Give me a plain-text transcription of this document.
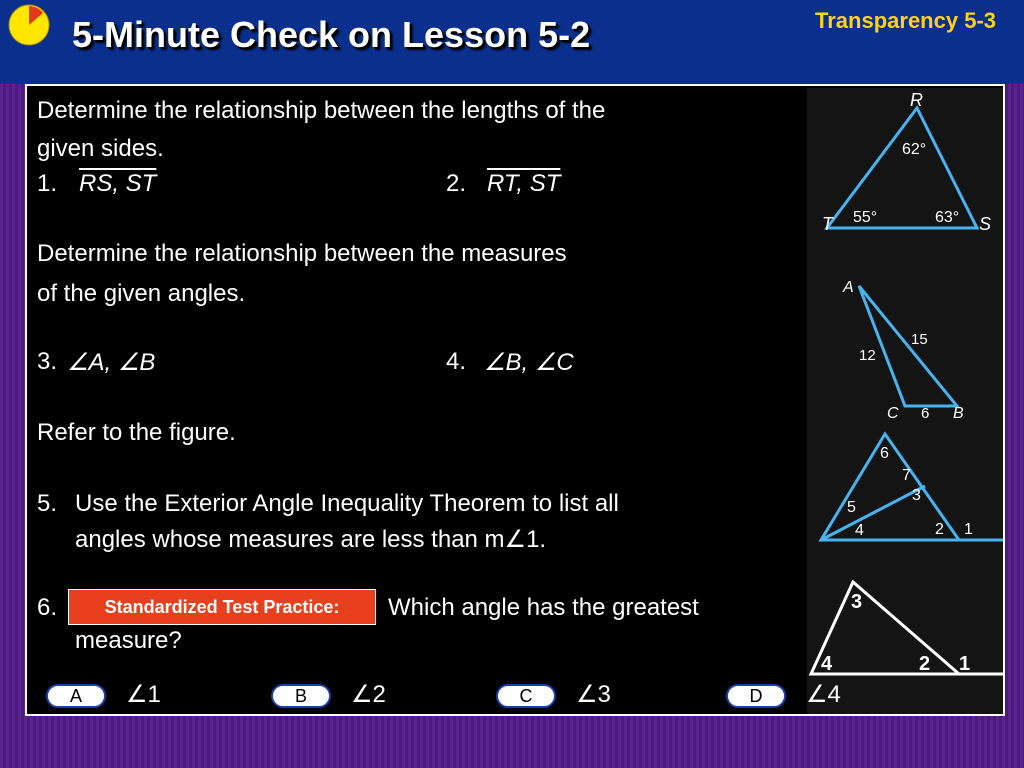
5-Minute Check on Lesson 5-2	Transparency 5-3
R
T	S
62°
55°	63°
A
C	B
15
12
6
6
7
3
5
4	2 1
3
4	2 1
Determine the relationship between the lengths of the
given sides.
1. RS, ST	2. RT, ST
Determine the relationship between the measures
of the given angles.
3. ∠A, ∠B	4. ∠B, ∠C
Refer to the figure.
5. Use the Exterior Angle Inequality Theorem to list all
angles whose measures are less than m∠1.
6.	Standardized Test Practice:	Which angle has the greatest
measure?
A	∠1	B	∠2	C	∠3	D	∠4
